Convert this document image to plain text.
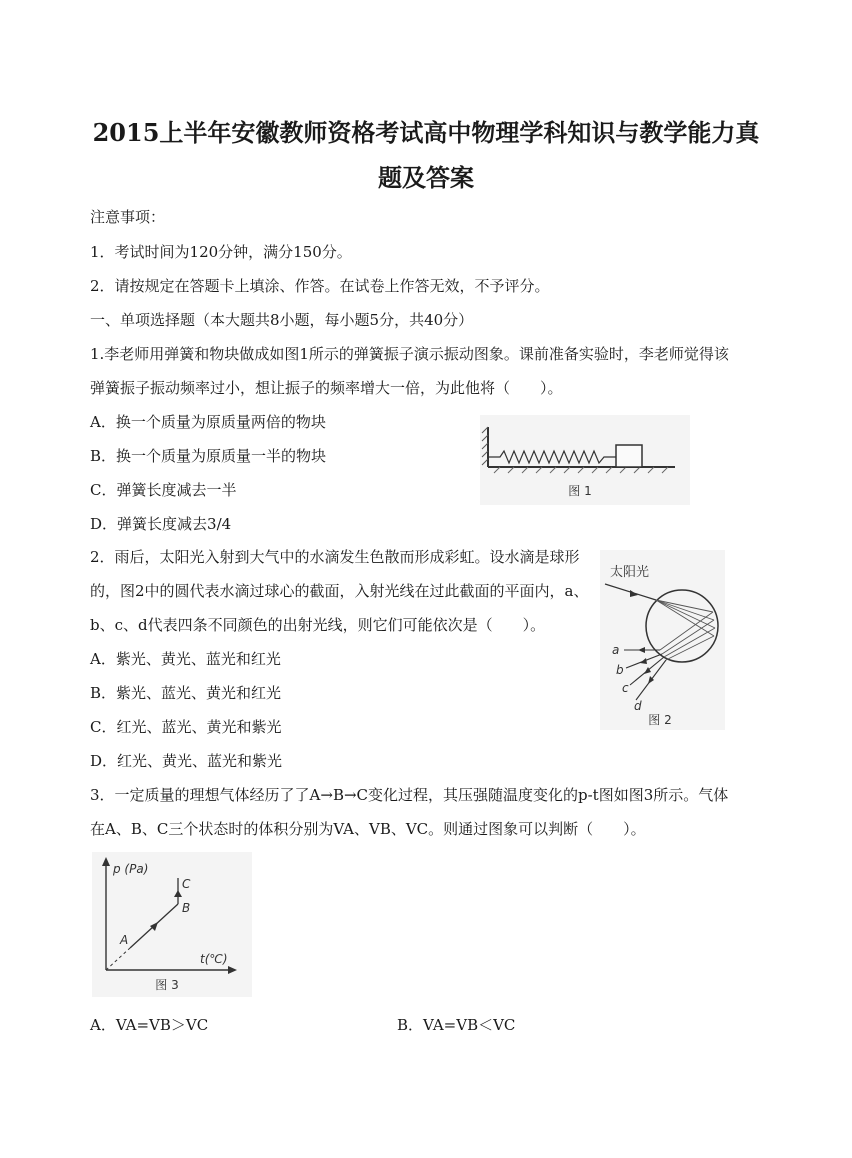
2015上半年安徽教师资格考试高中物理学科知识与教学能力真
题及答案
注意事项：
1．考试时间为120分钟，满分150分。
2．请按规定在答题卡上填涂、作答。在试卷上作答无效，不予评分。
一、单项选择题（本大题共8小题，每小题5分，共40分）
1.李老师用弹簧和物块做成如图1所示的弹簧振子演示振动图象。课前准备实验时，李老师觉得该
弹簧振子振动频率过小，想让振子的频率增大一倍，为此他将（　　）。
A．换一个质量为原质量两倍的物块
B．换一个质量为原质量一半的物块
C．弹簧长度减去一半
D．弹簧长度减去3/4
图 1
2．雨后，太阳光入射到大气中的水滴发生色散而形成彩虹。设水滴是球形
的，图2中的圆代表水滴过球心的截面，入射光线在过此截面的平面内，a、
b、c、d代表四条不同颜色的出射光线，则它们可能依次是（　　）。
A．紫光、黄光、蓝光和红光
B．紫光、蓝光、黄光和红光
C．红光、蓝光、黄光和紫光
D．红光、黄光、蓝光和紫光
太阳光
a
b
c
d
图 2
3．一定质量的理想气体经历了了A→B→C变化过程，其压强随温度变化的p-t图如图3所示。气体
在A、B、C三个状态时的体积分别为VA、VB、VC。则通过图象可以判断（　　）。
p (Pa)
t(℃)
A
B
C
图 3
A．VA=VB＞VC	B．VA=VB＜VC
